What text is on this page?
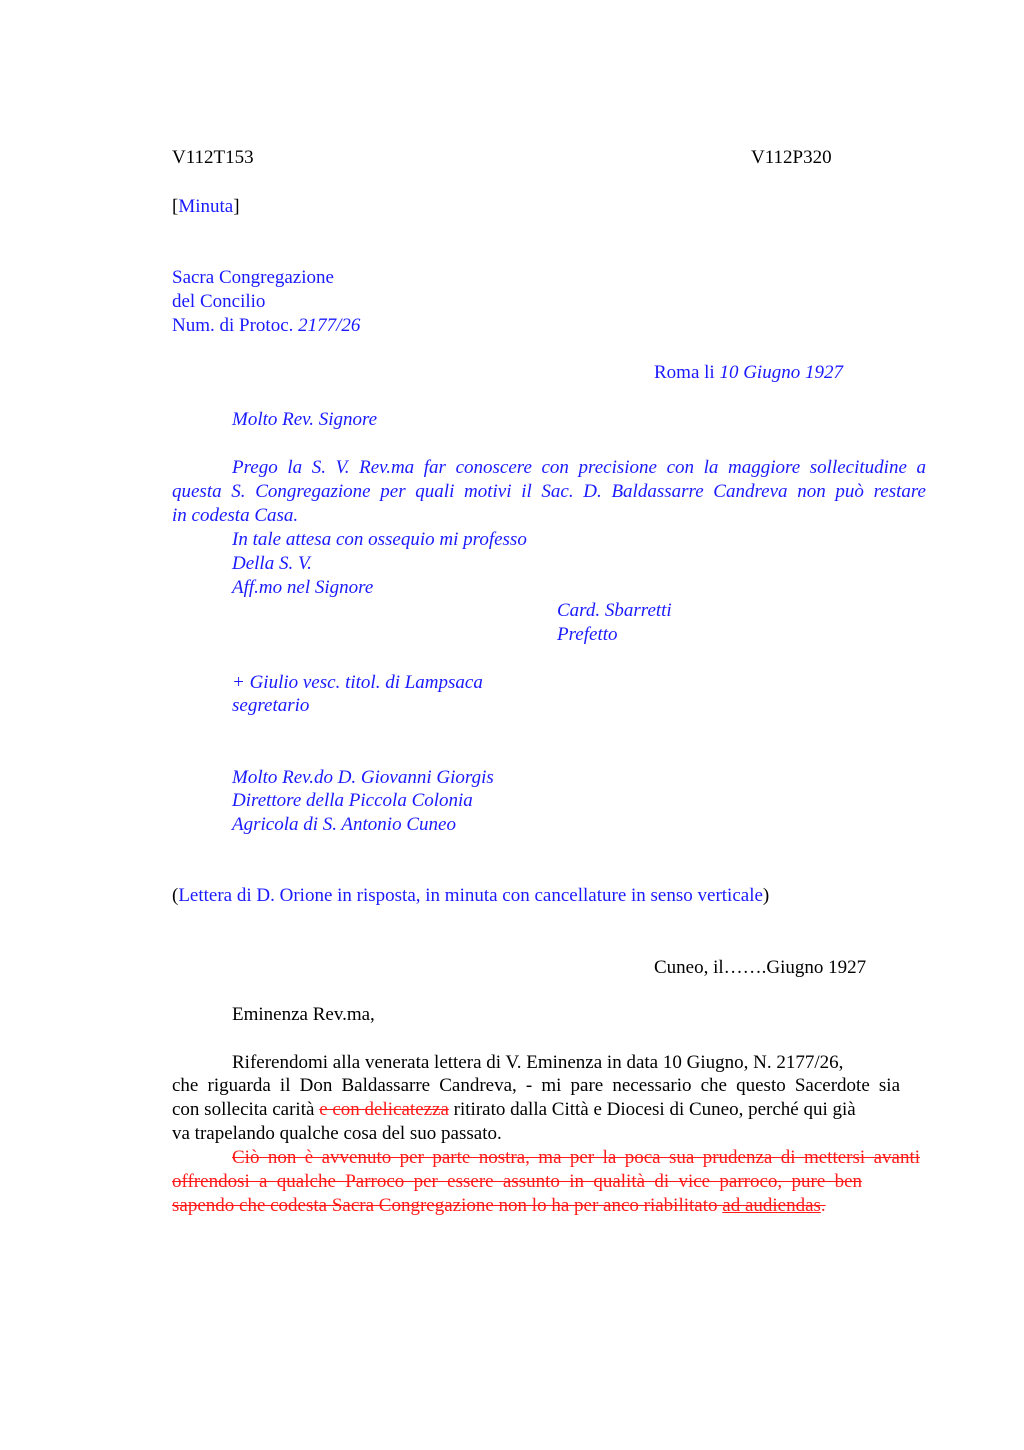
V112T153	V112P320
[Minuta]
Sacra Congregazione
del Concilio
Num. di Protoc. 2177/26
Roma li 10 Giugno 1927
Molto Rev. Signore
Prego la S. V. Rev.ma far conoscere con precisione con la maggiore sollecitudine a
questa S. Congregazione per quali motivi il Sac. D. Baldassarre Candreva non può restare
in codesta Casa.
In tale attesa con ossequio mi professo
Della S. V.
Aff.mo nel Signore
Card. Sbarretti
Prefetto
+ Giulio vesc. titol. di Lampsaca
segretario
Molto Rev.do D. Giovanni Giorgis
Direttore della Piccola Colonia
Agricola di S. Antonio Cuneo
(Lettera di D. Orione in risposta, in minuta con cancellature in senso verticale)
Cuneo, il…….Giugno 1927
Eminenza Rev.ma,
Riferendomi alla venerata lettera di V. Eminenza in data 10 Giugno, N. 2177/26,
che riguarda il Don Baldassarre Candreva, - mi pare necessario che questo Sacerdote sia
con sollecita carità e con delicatezza ritirato dalla Città e Diocesi di Cuneo, perché qui già
va trapelando qualche cosa del suo passato.
Ciò non è avvenuto per parte nostra, ma per la poca sua prudenza di mettersi avanti
offrendosi a qualche Parroco per essere assunto in qualità di vice parroco, pure ben
sapendo che codesta Sacra Congregazione non lo ha per anco riabilitato ad audiendas.
